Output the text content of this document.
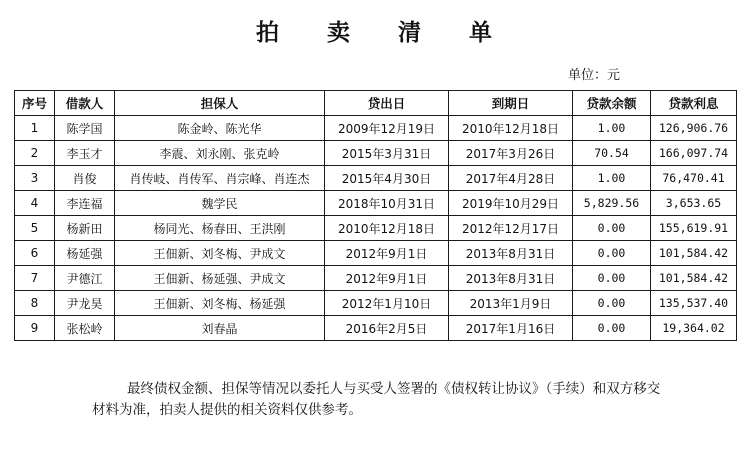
拍 卖 清 单
单位：元
序号	借款人	担保人	贷出日	到期日	贷款余额	贷款利息
1	陈学国	陈金岭、陈光华	2009年12月19日	2010年12月18日	1.00	126,906.76
2	李玉才	李震、刘永刚、张克岭	2015年3月31日	2017年3月26日	70.54	166,097.74
3	肖俊	肖传岐、肖传军、肖宗峰、肖连杰	2015年4月30日	2017年4月28日	1.00	76,470.41
4	李连福	魏学民	2018年10月31日	2019年10月29日	5,829.56	3,653.65
5	杨新田	杨同光、杨春田、王洪刚	2010年12月18日	2012年12月17日	0.00	155,619.91
6	杨延强	王佃新、刘冬梅、尹成文	2012年9月1日	2013年8月31日	0.00	101,584.42
7	尹德江	王佃新、杨延强、尹成文	2012年9月1日	2013年8月31日	0.00	101,584.42
8	尹龙昊	王佃新、刘冬梅、杨延强	2012年1月10日	2013年1月9日	0.00	135,537.40
9	张松岭	刘春晶	2016年2月5日	2017年1月16日	0.00	19,364.02
最终债权金额、担保等情况以委托人与买受人签署的《债权转让协议》（手续）和双方移交材料为准，拍卖人提供的相关资料仅供参考。
